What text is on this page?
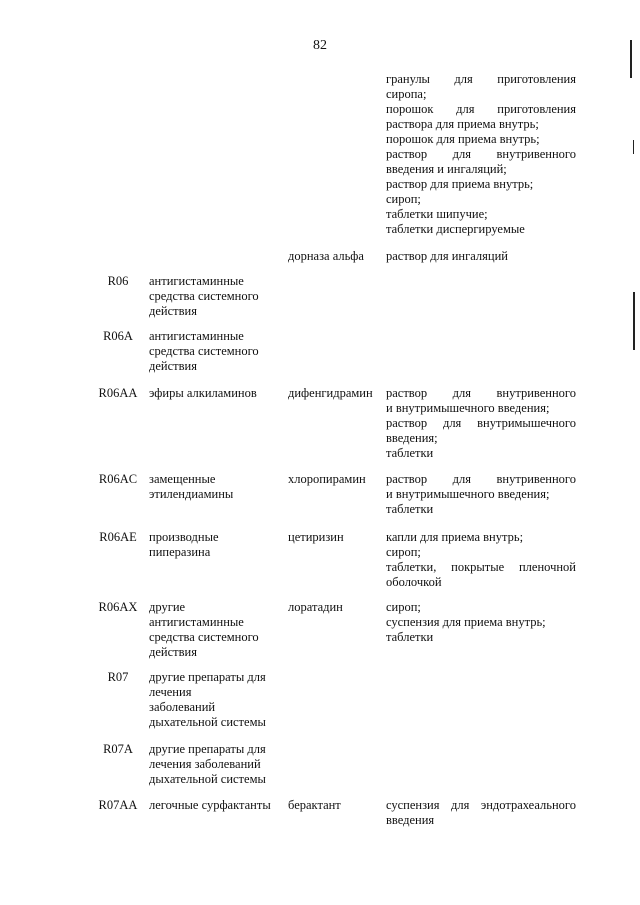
82
гранулы для приготовления
сиропа;
порошок для приготовления
раствора для приема внутрь;
порошок для приема внутрь;
раствор для внутривенного
введения и ингаляций;
раствор для приема внутрь;
сироп;
таблетки шипучие;
таблетки диспергируемые
дорназа альфа	раствор для ингаляций
R06	антигистаминные
средства системного
действия
R06A	антигистаминные
средства системного
действия
R06AA эфиры алкиламинов	дифенгидрамин	раствор для внутривенного
и внутримышечного введения;
раствор для внутримышечного
введения;
таблетки
R06AC замещенные
этилендиамины
хлоропирамин	раствор для внутривенного
и внутримышечного введения;
таблетки
R06AE производные
пиперазина
цетиризин	капли для приема внутрь;
сироп;
таблетки, покрытые пленочной
оболочкой
R06AX другие
антигистаминные
средства системного
действия
лоратадин	сироп;
суспензия для приема внутрь;
таблетки
R07	другие препараты для
лечения
заболеваний
дыхательной системы
R07A	другие препараты для
лечения заболеваний
дыхательной системы
R07AA легочные сурфактанты	берактант	суспензия для эндотрахеального
введения
